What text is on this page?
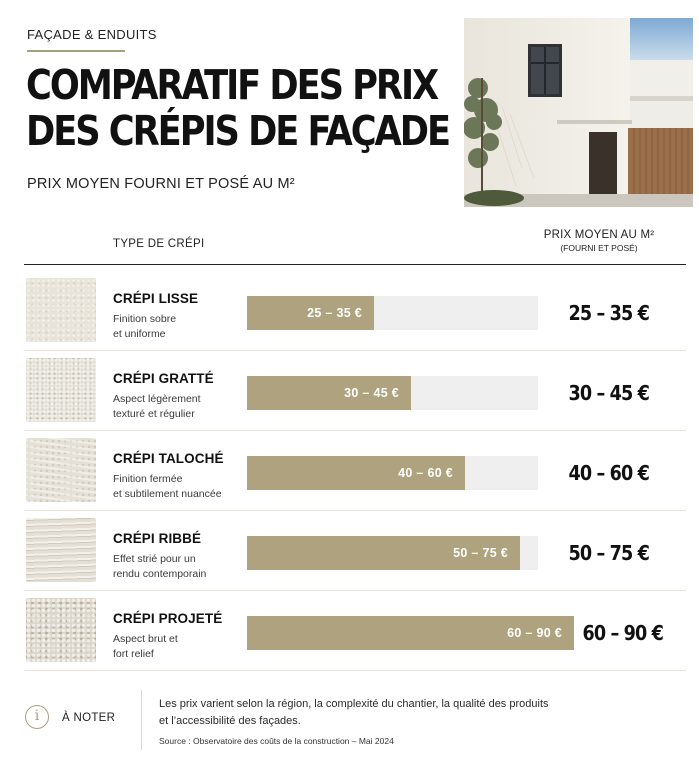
FAÇADE & ENDUITS
COMPARATIF DES PRIX
DES CRÉPIS DE FAÇADE
PRIX MOYEN FOURNI ET POSÉ AU M²
TYPE DE CRÉPI
PRIX MOYEN AU M²
(FOURNI ET POSÉ)
CRÉPI LISSE
Finition sobre
et uniforme
25 – 35 €	25 – 35 €
CRÉPI GRATTÉ
Aspect légèrement
texturé et régulier
30 – 45 €	30 – 45 €
CRÉPI TALOCHÉ
Finition fermée
et subtilement nuancée
40 – 60 €	40 – 60 €
CRÉPI RIBBÉ
Effet strié pour un
rendu contemporain
50 – 75 €	50 – 75 €
CRÉPI PROJETÉ
Aspect brut et
fort relief
60 – 90 €	60 – 90 €
i	À NOTER
Les prix varient selon la région, la complexité du chantier, la qualité des produits
et l’accessibilité des façades.
Source : Observatoire des coûts de la construction – Mai 2024
